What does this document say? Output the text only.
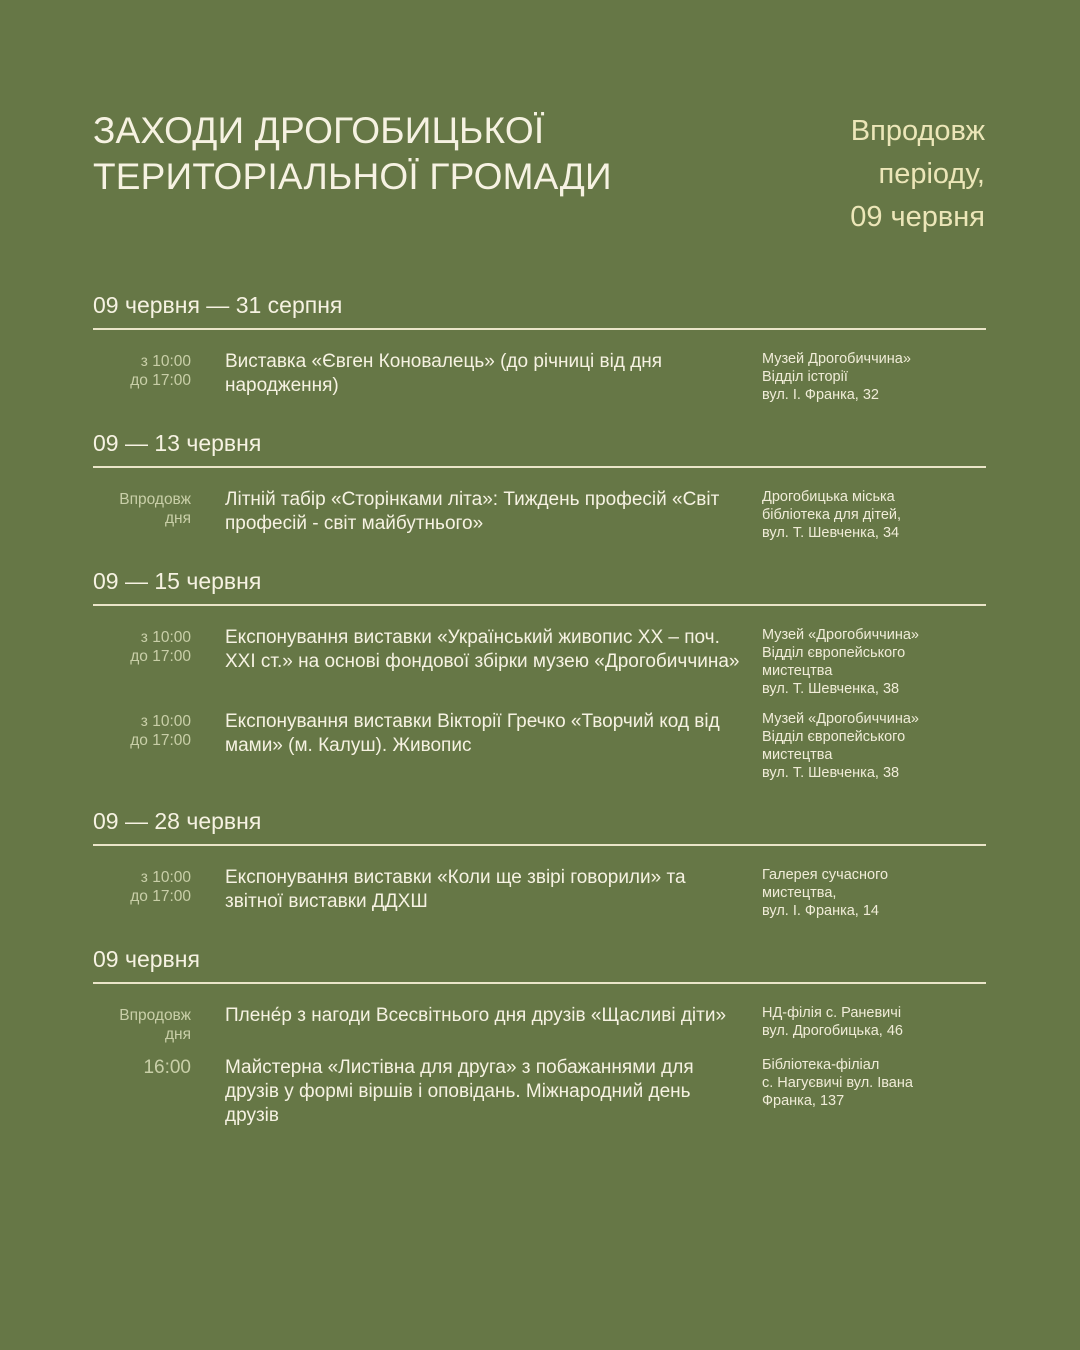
ЗАХОДИ ДРОГОБИЦЬКОЇ
ТЕРИТОРІАЛЬНОЇ ГРОМАДИ
Впродовж
періоду,
09 червня
09 червня — 31 серпня
з 10:00
до 17:00
Виставка «Євген Коновалець» (до річниці від дня народження)
Музей Дрогобиччина»
Відділ історії
вул. І. Франка, 32
09 — 13 червня
Впродовж
дня
Літній табір «Сторінками літа»: Тиждень професій «Світ професій - світ майбутнього»
Дрогобицька міська
бібліотека для дітей,
вул. Т. Шевченка, 34
09 — 15 червня
з 10:00
до 17:00
Експонування виставки «Український живопис XX – поч. XXI ст.» на основі фондової збірки музею «Дрогобиччина»
Музей «Дрогобиччина»
Відділ європейського
мистецтва
вул. Т. Шевченка, 38
з 10:00
до 17:00
Експонування виставки Вікторії Гречко «Творчий код від мами» (м. Калуш). Живопис
Музей «Дрогобиччина»
Відділ європейського
мистецтва
вул. Т. Шевченка, 38
09 — 28 червня
з 10:00
до 17:00
Експонування виставки «Коли ще звірі говорили» та звітної виставки ДДХШ
Галерея сучасного
мистецтва,
вул. І. Франка, 14
09 червня
Впродовж
дня
Плене́р з нагоди Всесвітнього дня друзів «Щасливі діти»	НД-філія с. Раневичі
вул. Дрогобицька, 46
16:00 Майстерна «Листівна для друга» з побажаннями для друзів у формі віршів і оповідань. Міжнародний день друзів
Бібліотека-філіал
с. Нагуєвичі вул. Івана
Франка, 137
